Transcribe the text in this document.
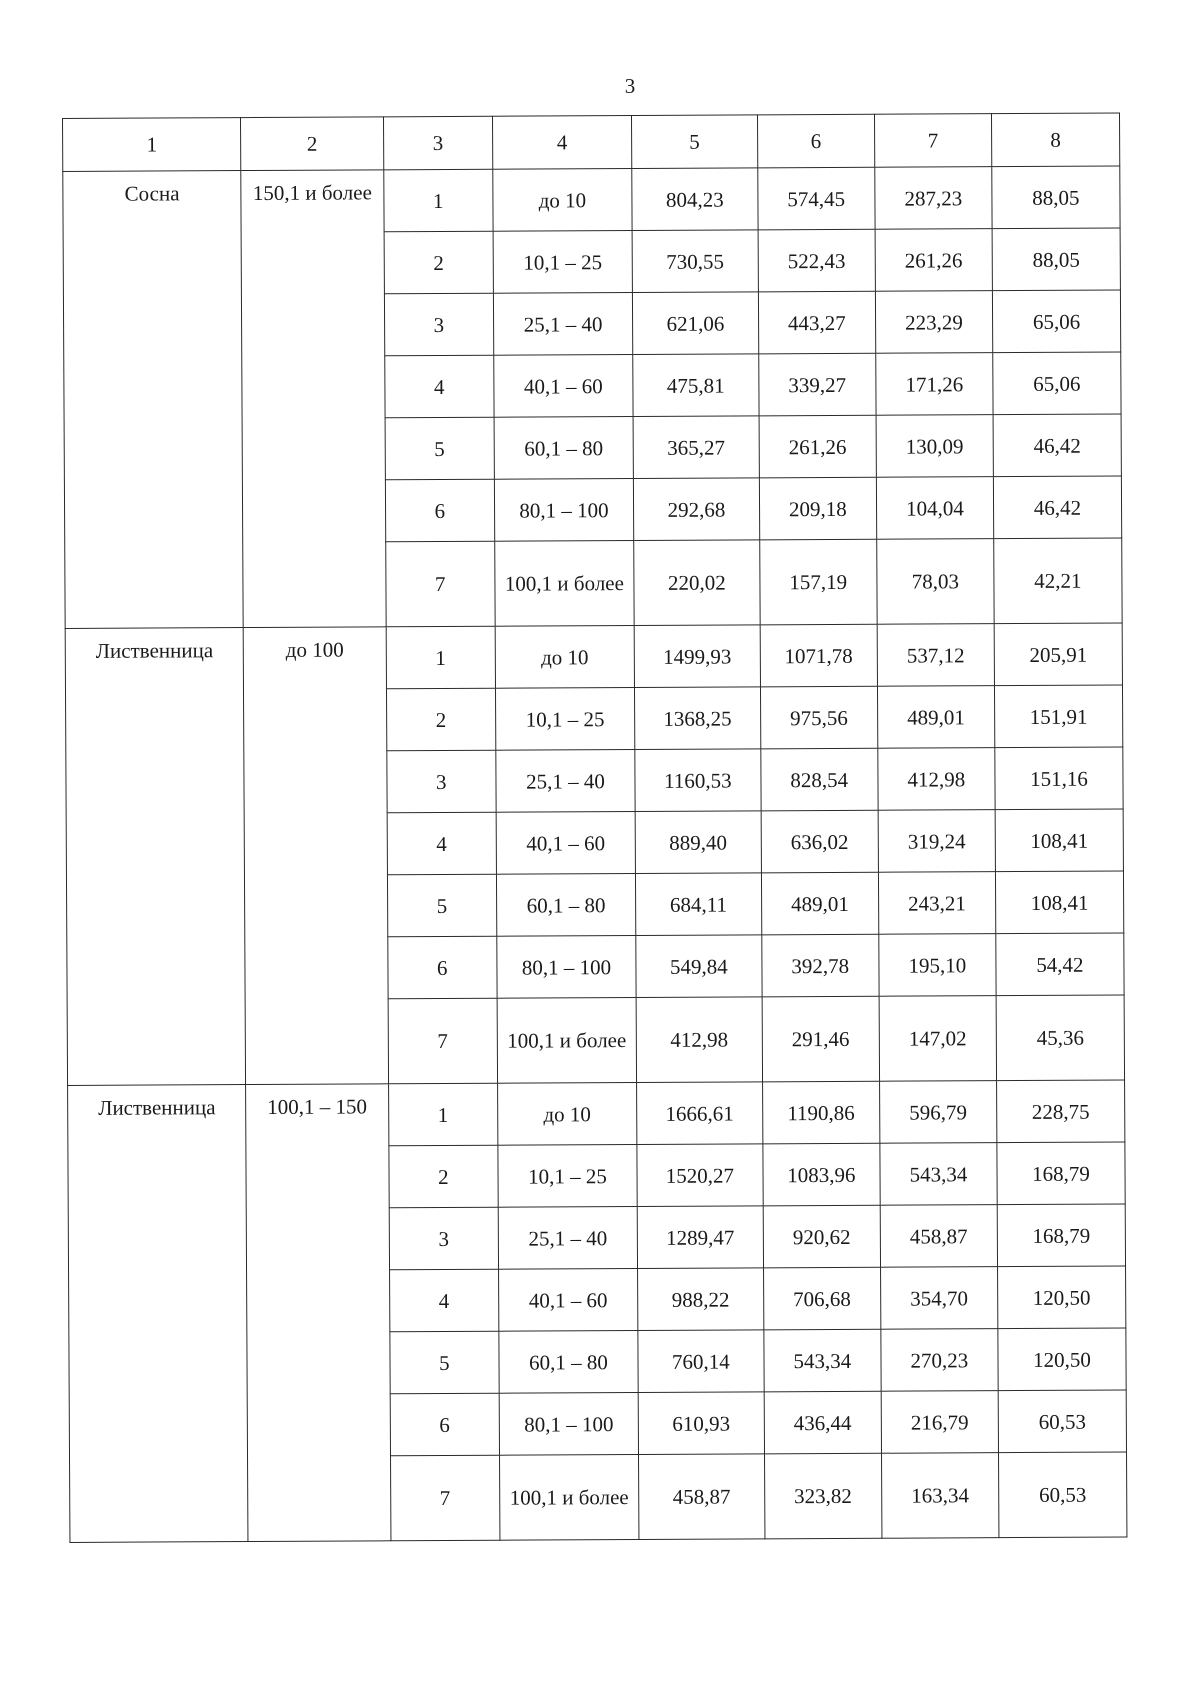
3
1	2	3	4	5	6	7	8
Сосна	150,1 и более	1	до 10	804,23	574,45	287,23	88,05
		2	10,1 – 25	730,55	522,43	261,26	88,05
		3	25,1 – 40	621,06	443,27	223,29	65,06
		4	40,1 – 60	475,81	339,27	171,26	65,06
		5	60,1 – 80	365,27	261,26	130,09	46,42
		6	80,1 – 100	292,68	209,18	104,04	46,42
		7	100,1 и более	220,02	157,19	78,03	42,21
Лиственница	до 100	1	до 10	1499,93	1071,78	537,12	205,91
		2	10,1 – 25	1368,25	975,56	489,01	151,91
		3	25,1 – 40	1160,53	828,54	412,98	151,16
		4	40,1 – 60	889,40	636,02	319,24	108,41
		5	60,1 – 80	684,11	489,01	243,21	108,41
		6	80,1 – 100	549,84	392,78	195,10	54,42
		7	100,1 и более	412,98	291,46	147,02	45,36
Лиственница	100,1 – 150	1	до 10	1666,61	1190,86	596,79	228,75
		2	10,1 – 25	1520,27	1083,96	543,34	168,79
		3	25,1 – 40	1289,47	920,62	458,87	168,79
		4	40,1 – 60	988,22	706,68	354,70	120,50
		5	60,1 – 80	760,14	543,34	270,23	120,50
		6	80,1 – 100	610,93	436,44	216,79	60,53
		7	100,1 и более	458,87	323,82	163,34	60,53
